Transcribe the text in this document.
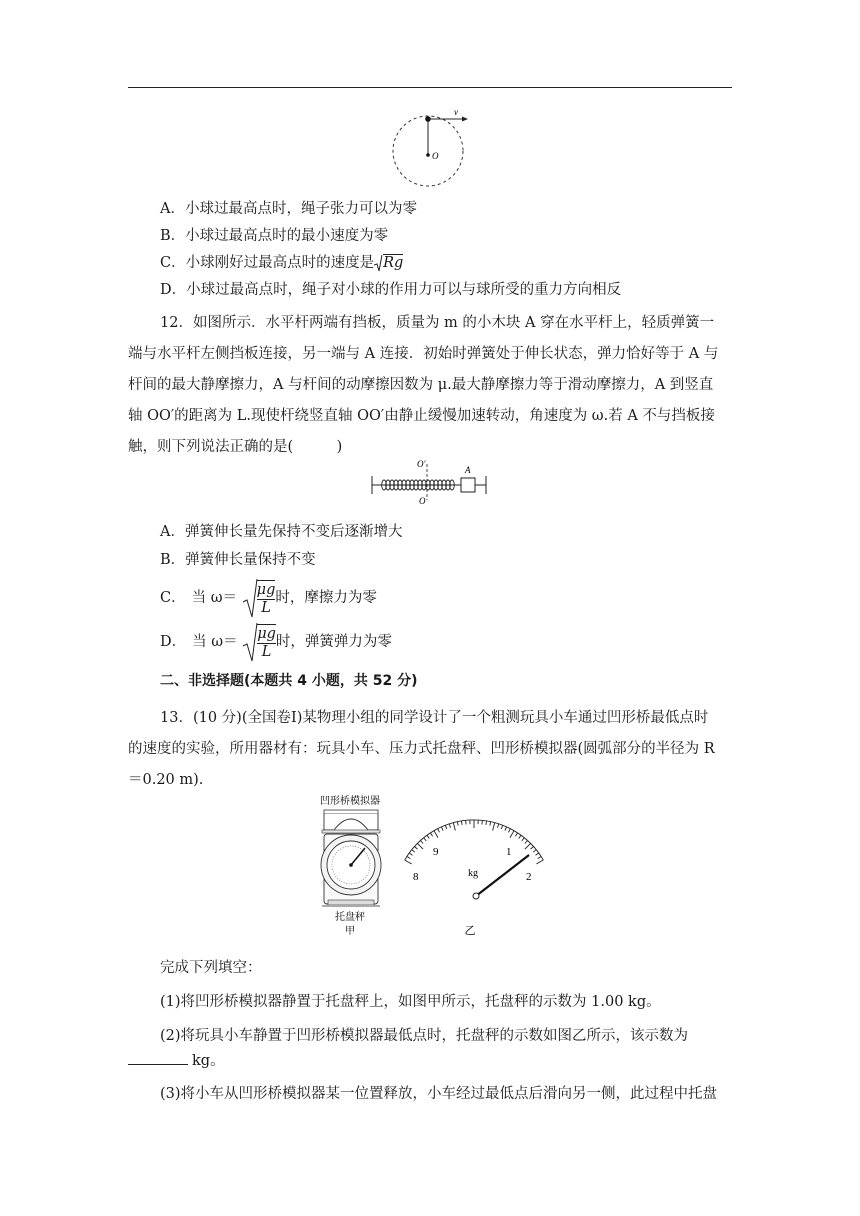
v
O
A．小球过最高点时，绳子张力可以为零
B．小球过最高点时的最小速度为零
C．小球刚好过最高点时的速度是 Rg
D．小球过最高点时，绳子对小球的作用力可以与球所受的重力方向相反
12．如图所示．水平杆两端有挡板，质量为 m 的小木块 A 穿在水平杆上，轻质弹簧一
端与水平杆左侧挡板连接，另一端与 A 连接．初始时弹簧处于伸长状态，弹力恰好等于 A 与
杆间的最大静摩擦力，A 与杆间的动摩擦因数为 μ.最大静摩擦力等于滑动摩擦力，A 到竖直
轴 OO′的距离为 L.现使杆绕竖直轴 OO′由静止缓慢加速转动，角速度为 ω.若 A 不与挡板接
触，则下列说法正确的是(　　　)
O′
O
A
A．弹簧伸长量先保持不变后逐渐增大
B．弹簧伸长量保持不变
C． 当 $\omega= \frac{\mu g}{L}$ 时，摩擦力为零
D． 当 $\omega= \frac{\mu g}{L}$ 时，弹簧弹力为零
二、非选择题(本题共 4 小题，共 52 分)
13．(10 分)(全国卷Ⅰ)某物理小组的同学设计了一个粗测玩具小车通过凹形桥最低点时
的速度的实验，所用器材有：玩具小车、压力式托盘秤、凹形桥模拟器(圆弧部分的半径为 R
＝0.20 m).
凹形桥模拟器
托盘秤
甲
8
9	1
2
kg
乙
完成下列填空：
(1)将凹形桥模拟器静置于托盘秤上，如图甲所示，托盘秤的示数为 1.00 kg。
(2)将玩具小车静置于凹形桥模拟器最低点时，托盘秤的示数如图乙所示，该示数为
kg。
(3)将小车从凹形桥模拟器某一位置释放，小车经过最低点后滑向另一侧，此过程中托盘
